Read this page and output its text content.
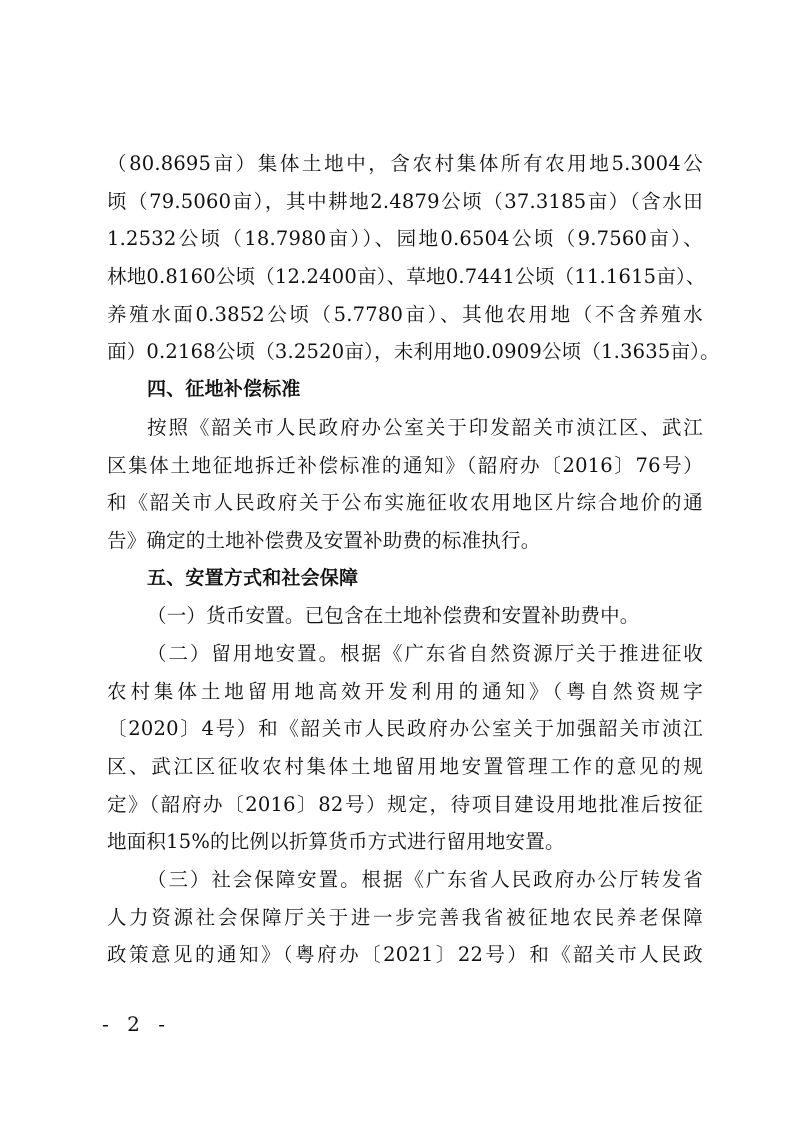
（80.8695亩）集体土地中，含农村集体所有农用地5.3004公
顷（79.5060亩），其中耕地2.4879公顷（37.3185亩）（含水田
1.2532公顷（18.7980亩））、园地0.6504公顷（9.7560亩）、
林地0.8160公顷（12.2400亩）、草地0.7441公顷（11.1615亩）、
养殖水面0.3852公顷（5.7780亩）、其他农用地（不含养殖水
面）0.2168公顷（3.2520亩），未利用地0.0909公顷（1.3635亩）。
四、征地补偿标准
按照《韶关市人民政府办公室关于印发韶关市浈江区、武江
区集体土地征地拆迁补偿标准的通知》（韶府办〔2016〕76号）
和《韶关市人民政府关于公布实施征收农用地区片综合地价的通
告》确定的土地补偿费及安置补助费的标准执行。
五、安置方式和社会保障
（一）货币安置。已包含在土地补偿费和安置补助费中。
（二）留用地安置。根据《广东省自然资源厅关于推进征收
农村集体土地留用地高效开发利用的通知》（粤自然资规字
〔2020〕4号）和《韶关市人民政府办公室关于加强韶关市浈江
区、武江区征收农村集体土地留用地安置管理工作的意见的规
定》（韶府办〔2016〕82号）规定，待项目建设用地批准后按征
地面积15%的比例以折算货币方式进行留用地安置。
（三）社会保障安置。根据《广东省人民政府办公厅转发省
人力资源社会保障厅关于进一步完善我省被征地农民养老保障
政策意见的通知》（粤府办〔2021〕22号）和《韶关市人民政
- 2 -
